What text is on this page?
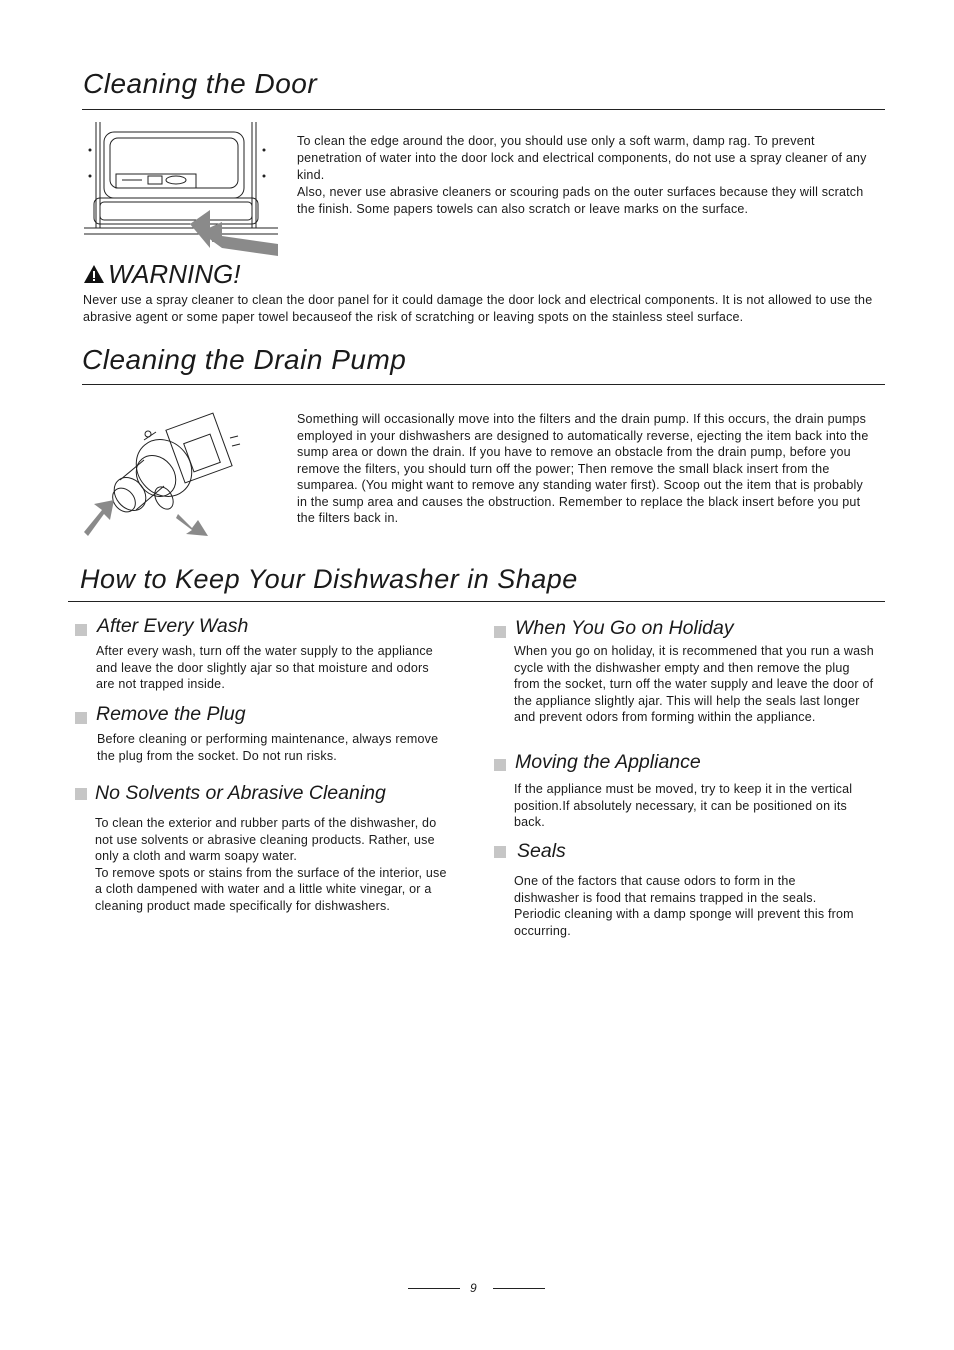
Cleaning the Door

To clean the edge around the door, you should use only a soft warm, damp rag. To prevent penetration of water into the door lock and electrical components, do not use a spray cleaner of any kind.

Also, never use abrasive cleaners or scouring pads on the outer surfaces because they will scratch the finish. Some papers towels can also scratch or leave marks on the surface.

WARNING!
Never use a spray cleaner to clean the door panel for it could damage the door lock and electrical components. It is not allowed to use the abrasive agent or some paper towel becauseof the risk of scratching or leaving spots on the stainless steel surface.
Cleaning the Drain Pump
Something will occasionally move into the filters and the drain pump. If this occurs, the drain pumps employed in your dishwashers are designed to automatically reverse, ejecting the item back into the sump area or down the drain. If you have to remove an obstacle from the drain pump, before you remove the filters, you should turn off the power; Then remove the small black insert from the sumparea. (You might want to remove any standing water first). Scoop out the item that is probably in the sump area and causes the obstruction. Remember to replace the black insert before you put the filters back in.
How to Keep Your Dishwasher in Shape
After Every Wash
After every wash, turn off the water supply to the appliance and leave the door slightly ajar so that moisture and odors are not trapped inside.
Remove the Plug
Before cleaning or performing maintenance, always remove the plug from the socket. Do not run risks.
No Solvents or Abrasive Cleaning

To clean the exterior and rubber parts of the dishwasher, do not use solvents or abrasive cleaning products. Rather, use only a cloth and warm soapy water.

To remove spots or stains from the surface of the interior, use a cloth dampened with water and a little white vinegar, or a cleaning product made specifically for dishwashers.

When You Go on Holiday
When you go on holiday, it is recommened that you run a wash cycle with the dishwasher empty and then remove the plug from the socket, turn off the water supply and leave the door of the appliance slightly ajar. This will help the seals last longer and prevent odors from forming within the appliance.
Moving the Appliance
If the appliance must be moved, try to keep it in the vertical position.If absolutely necessary, it can be positioned on its back.
Seals
One of the factors that cause odors to form in the dishwasher is food that remains trapped in the seals. Periodic cleaning with a damp sponge will prevent this from occurring.
9
